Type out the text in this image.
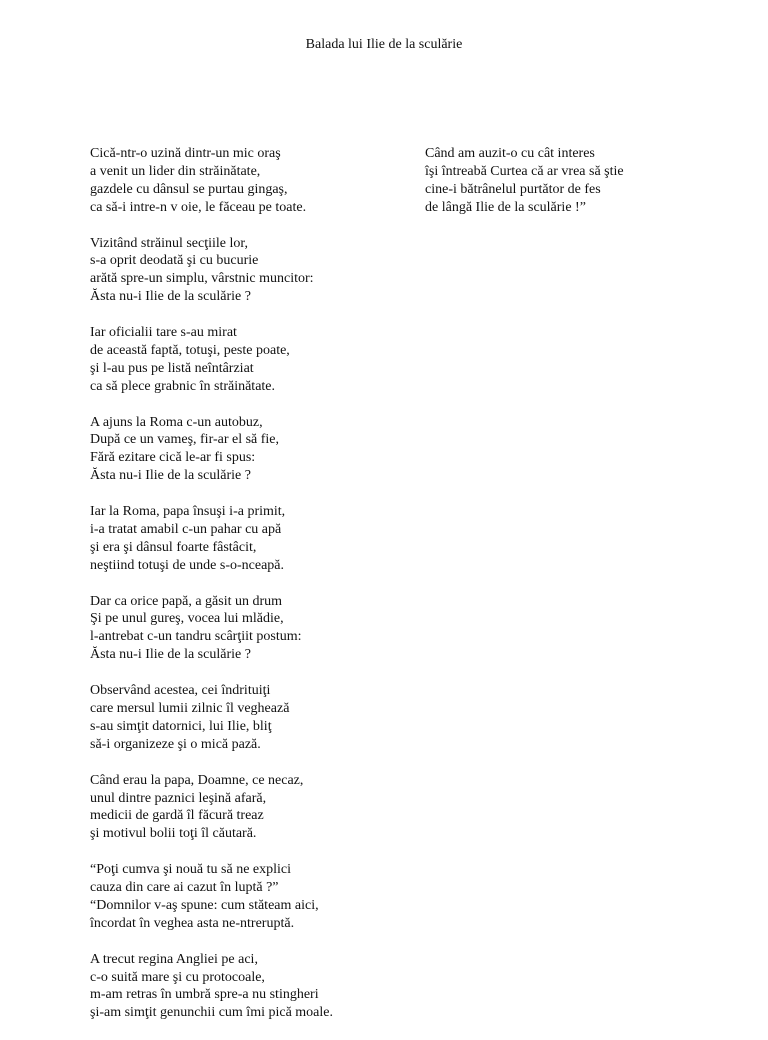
Balada lui Ilie de la sculărie
Cică-ntr-o uzină dintr-un mic oraş
a venit un lider din străinătate,
gazdele cu dânsul se purtau gingaş,
ca să-i intre-n v oie, le făceau pe toate.
Vizitând străinul secţiile lor,
s-a oprit deodată şi cu bucurie
arătă spre-un simplu, vârstnic muncitor:
Ăsta nu-i Ilie de la sculărie ?
Iar oficialii tare s-au mirat
de această faptă, totuşi, peste poate,
şi l-au pus pe listă neîntârziat
ca să plece grabnic în străinătate.
A ajuns la Roma c-un autobuz,
După ce un vameş, fir-ar el să fie,
Fără ezitare cică le-ar fi spus:
Ăsta nu-i Ilie de la sculărie ?
Iar la Roma, papa însuşi i-a primit,
i-a tratat amabil c-un pahar cu apă
şi era şi dânsul foarte fâstâcit,
neştiind totuşi de unde s-o-nceapă.
Dar ca orice papă, a găsit un drum
Şi pe unul gureş, vocea lui mlădie,
l-antrebat c-un tandru scârţiit postum:
Ăsta nu-i Ilie de la sculărie ?
Observând acestea, cei îndrituiţi
care mersul lumii zilnic îl veghează
s-au simţit datornici, lui Ilie, bliţ
să-i organizeze şi o mică pază.
Când erau la papa, Doamne, ce necaz,
unul dintre paznici leşină afară,
medicii de gardă îl făcură treaz
şi motivul bolii toţi îl căutară.
“Poţi cumva şi nouă tu să ne explici
cauza din care ai cazut în luptă ?”
“Domnilor v-aş spune: cum stăteam aici,
încordat în veghea asta ne-ntreruptă.
A trecut regina Angliei pe aci,
c-o suită mare şi cu protocoale,
m-am retras în umbră spre-a nu stingheri
şi-am simţit genunchii cum îmi pică moale.
Când am auzit-o cu cât interes
îşi întreabă Curtea că ar vrea să ştie
cine-i bătrânelul purtător de fes
de lângă Ilie de la sculărie !”
